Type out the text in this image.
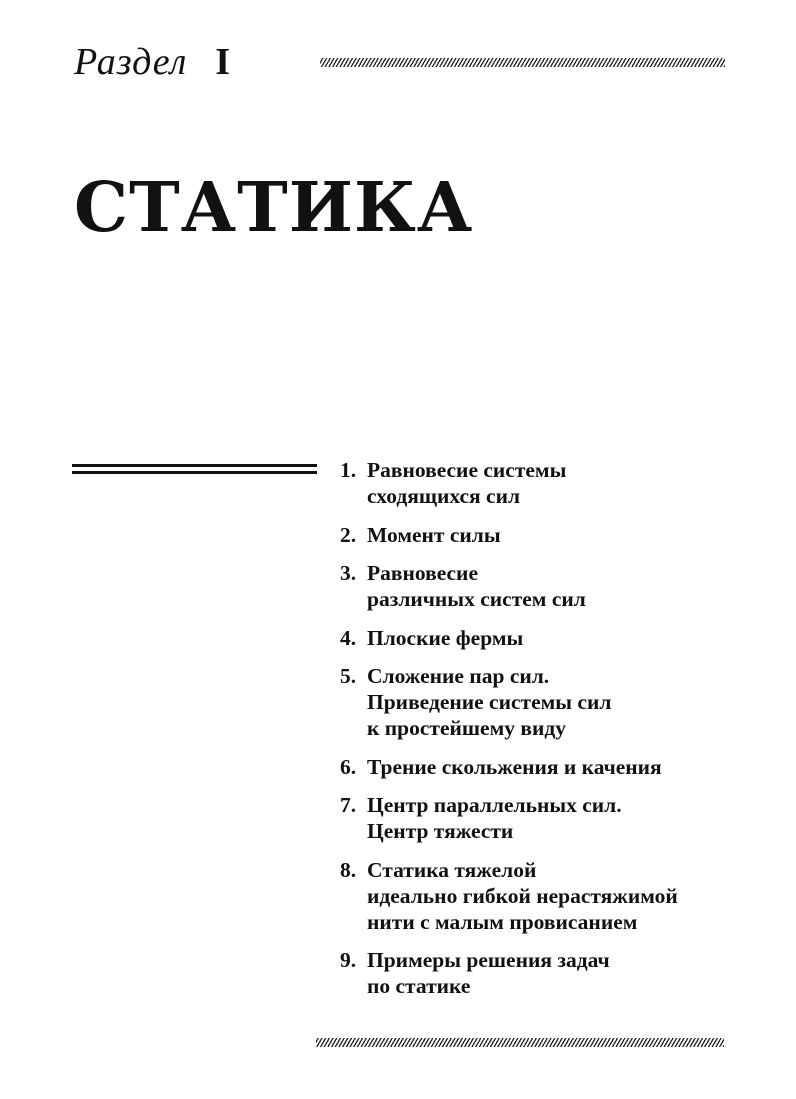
Раздел I
СТАТИКА
1. Равновесие системы
сходящихся сил
2. Момент силы
3. Равновесие
различных систем сил
4. Плоские фермы
5. Сложение пар сил.
Приведение системы сил
к простейшему виду
6. Трение скольжения и качения
7. Центр параллельных сил.
Центр тяжести
8. Статика тяжелой
идеально гибкой нерастяжимой
нити с малым провисанием
9. Примеры решения задач
по статике
